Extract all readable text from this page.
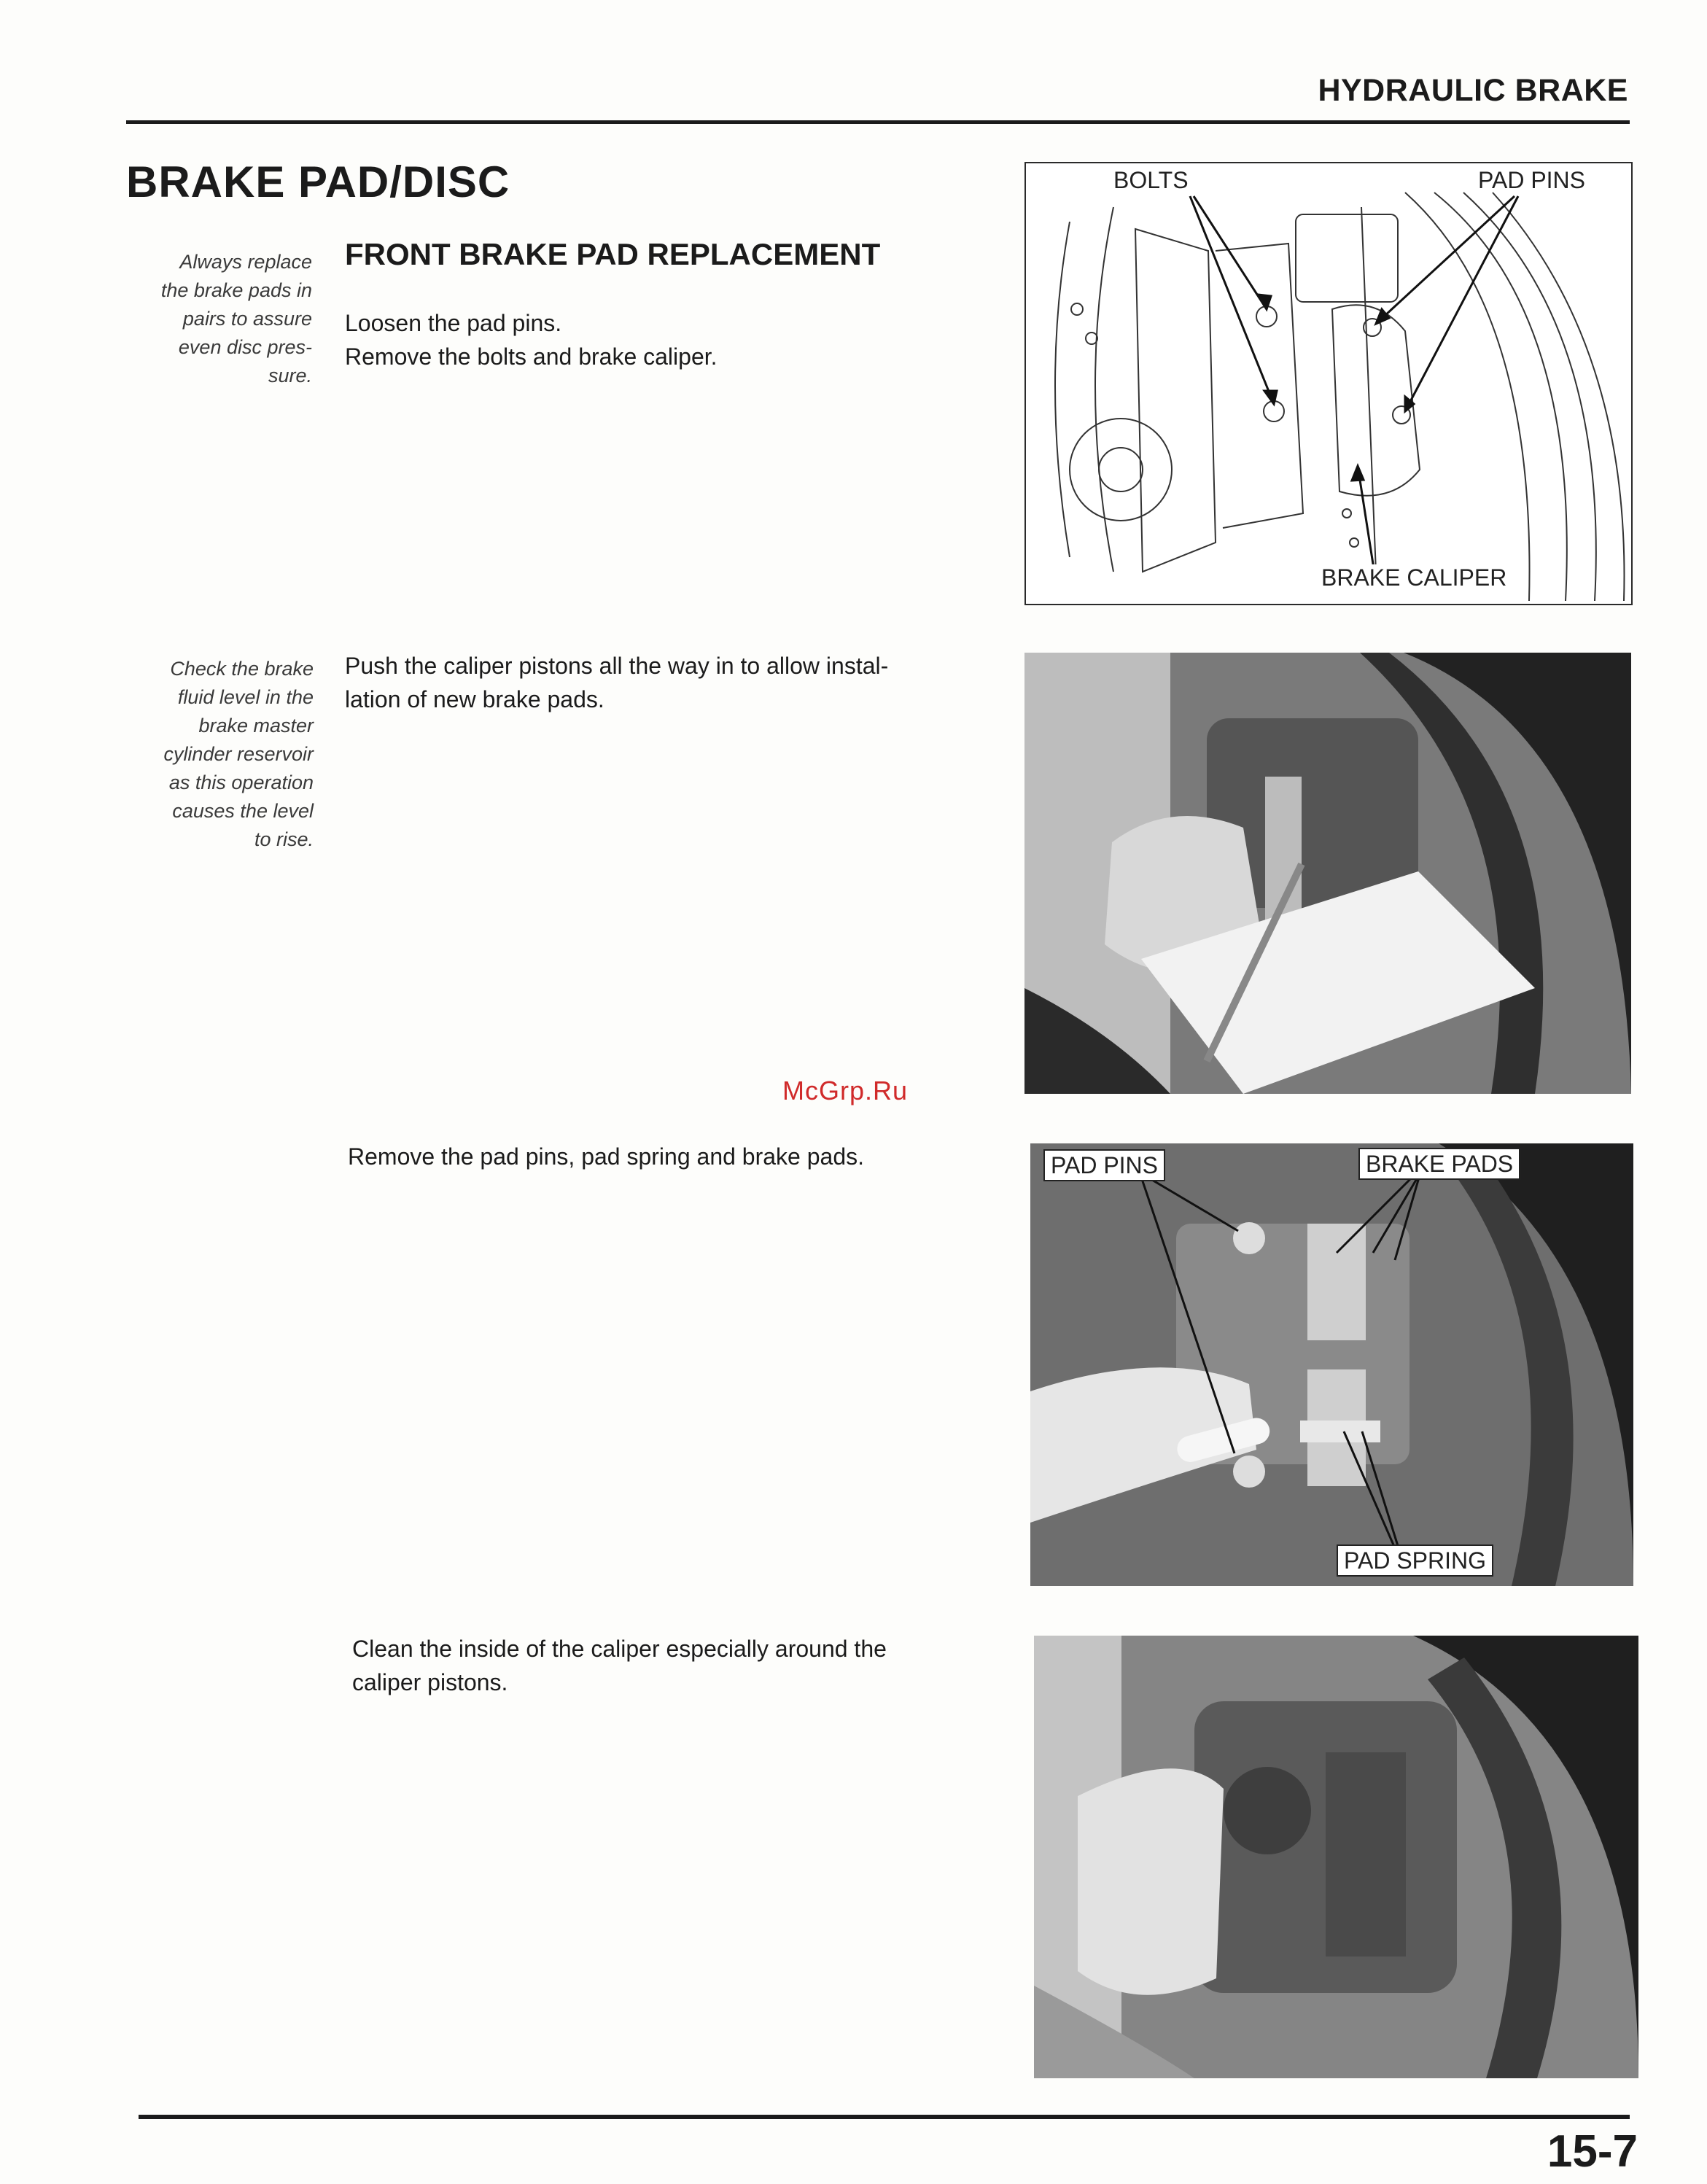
HYDRAULIC BRAKE
BRAKE PAD/DISC
FRONT BRAKE PAD REPLACEMENT
Always replace
the brake pads in
pairs to assure
even disc pres-
sure.
Loosen the pad pins.
Remove the bolts and brake caliper.
BOLTS	PAD PINS
BRAKE CALIPER
Check the brake
fluid level in the
brake master
cylinder reservoir
as this operation
causes the level
to rise.
Push the caliper pistons all the way in to allow instal-
lation of new brake pads.
McGrp.Ru
Remove the pad pins, pad spring and brake pads.	PAD PINS	BRAKE PADS
PAD SPRING
Clean the inside of the caliper especially around the
caliper pistons.
15-7
